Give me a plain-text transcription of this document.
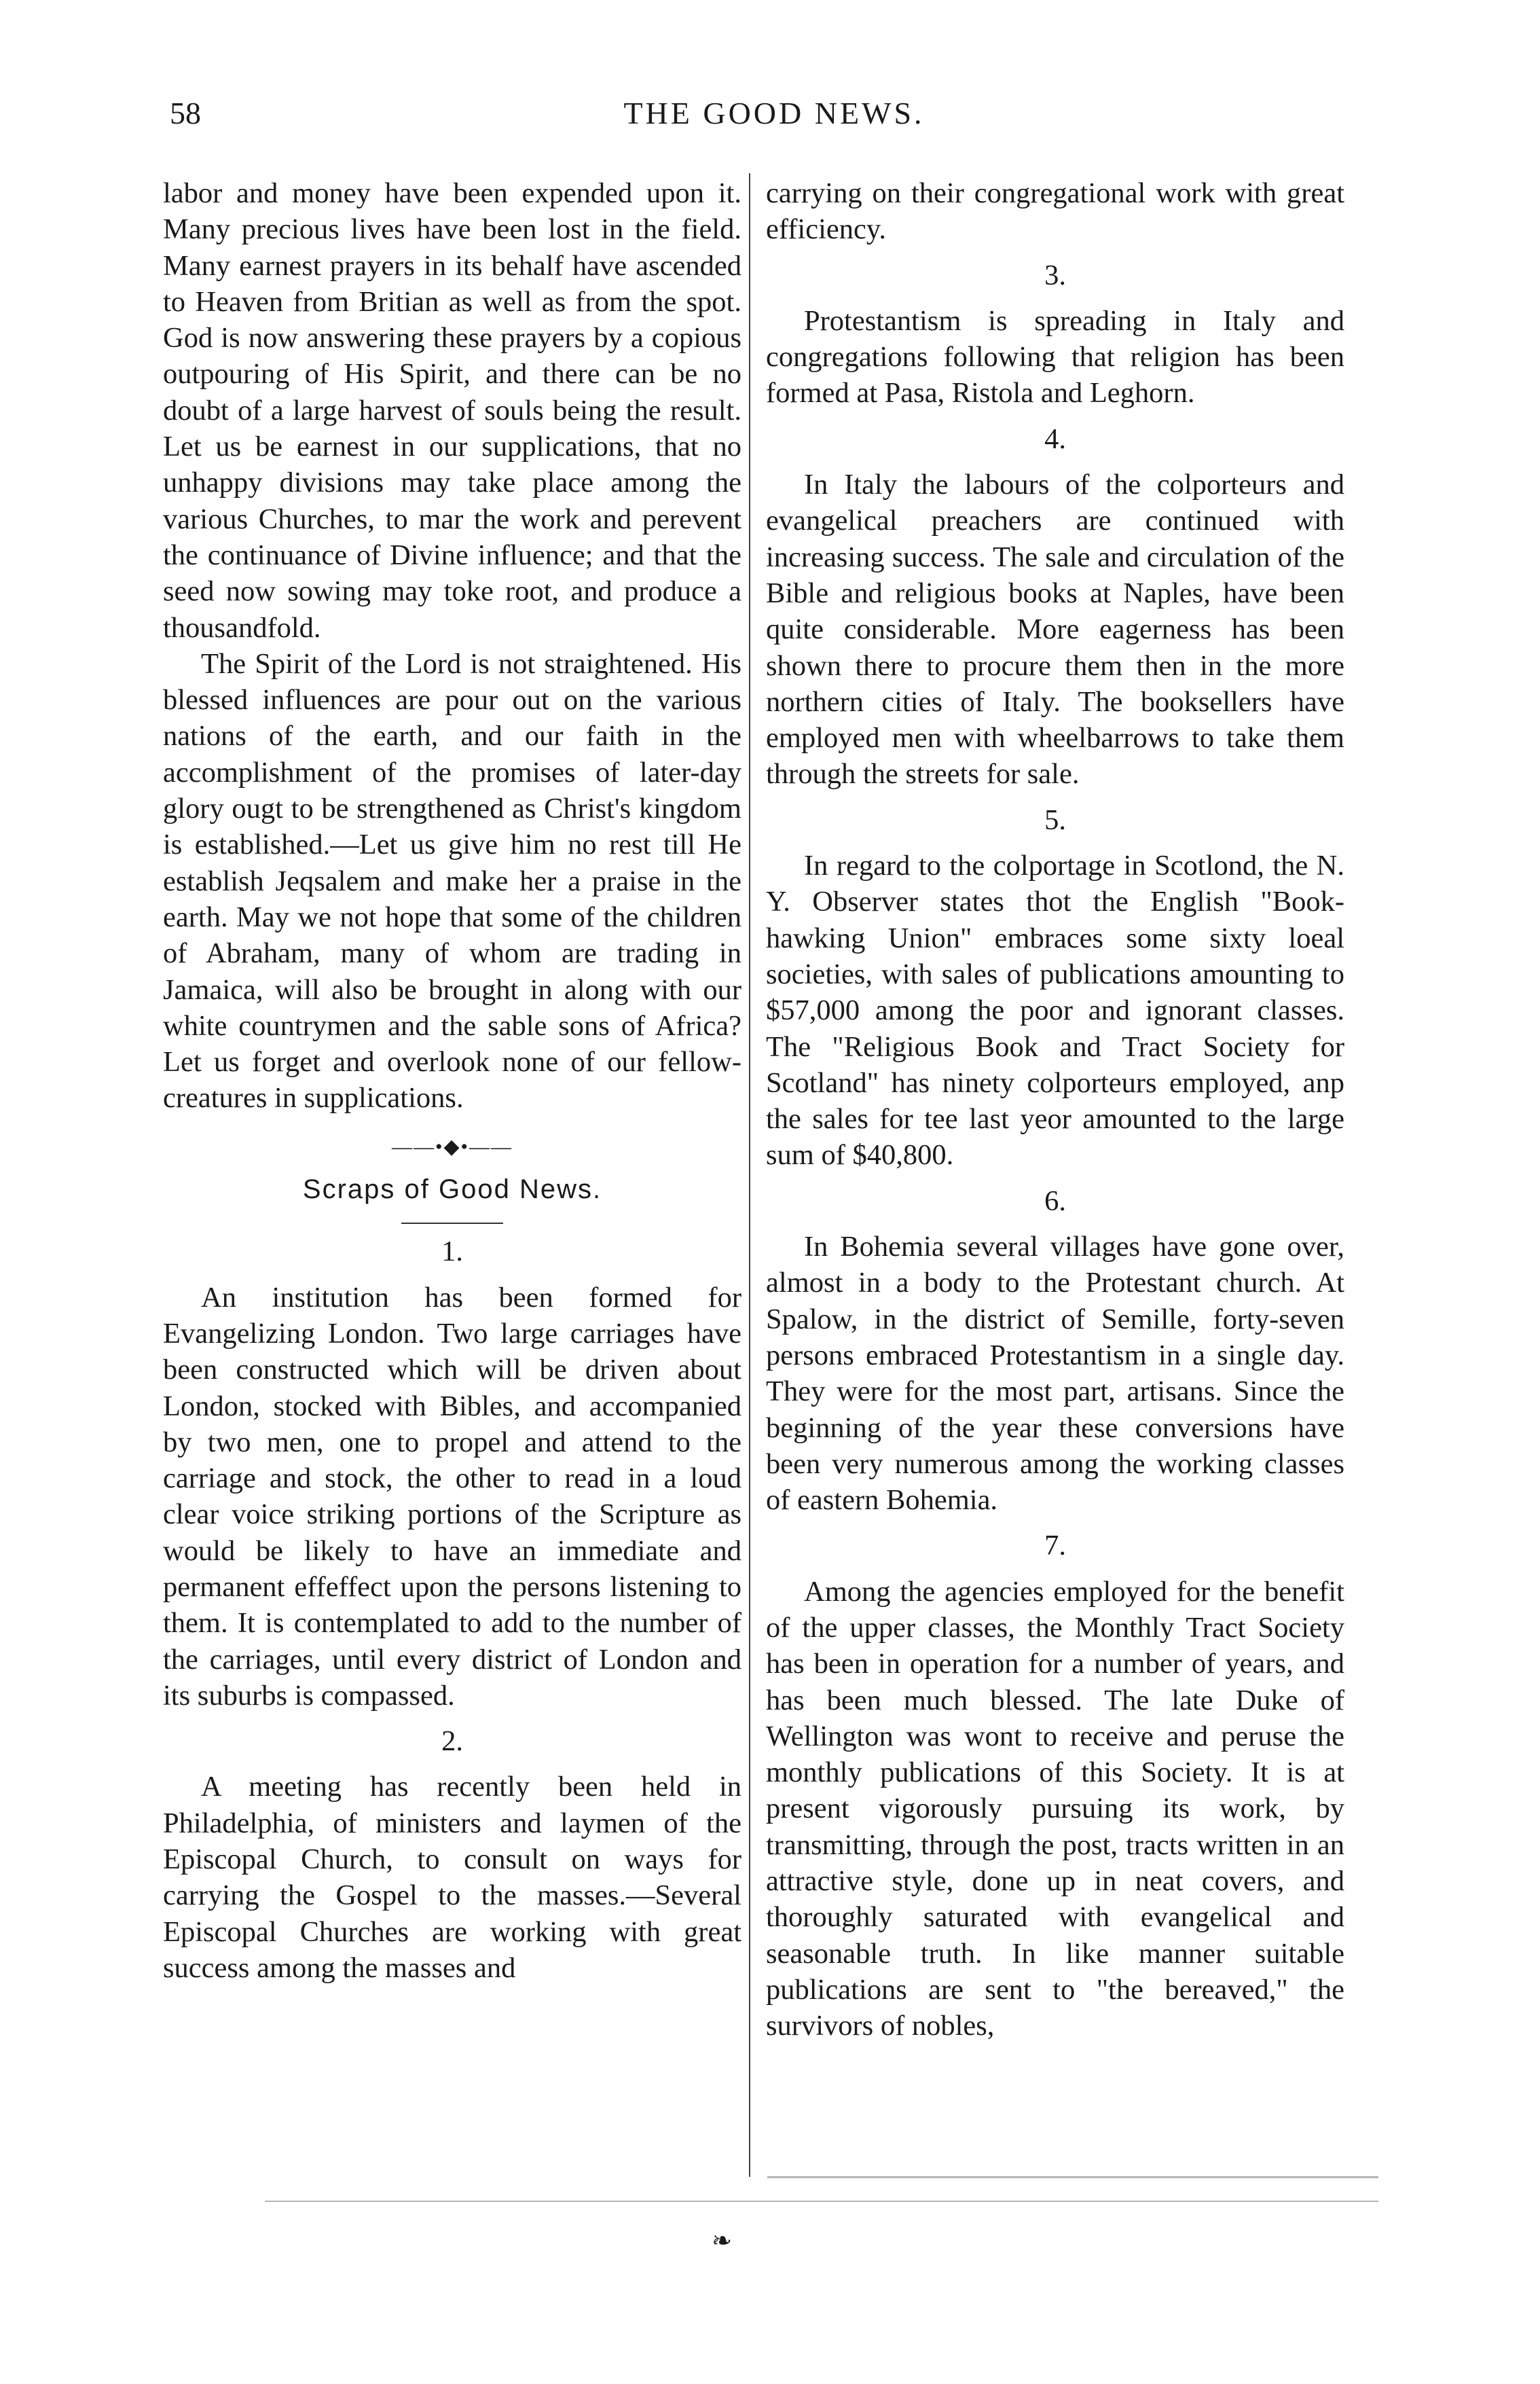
58	THE GOOD NEWS.

labor and money have been expended upon it. Many precious lives have been lost in the field. Many earnest prayers in its behalf have ascended to Heaven from Britian as well as from the spot. God is now answering these prayers by a copious outpouring of His Spirit, and there can be no doubt of a large harvest of souls being the result. Let us be earnest in our supplications, that no unhappy divisions may take place among the various Churches, to mar the work and perevent the continuance of Divine influence; and that the seed now sowing may toke root, and produce a thousandfold.

The Spirit of the Lord is not straightened. His blessed influences are pour out on the various nations of the earth, and our faith in the accomplishment of the promises of later-day glory ougt to be strengthened as Christ's kingdom is established.—Let us give him no rest till He establish Jeqsalem and make her a praise in the earth. May we not hope that some of the children of Abraham, many of whom are trading in Jamaica, will also be brought in along with our white countrymen and the sable sons of Africa? Let us forget and overlook none of our fellow-creatures in supplications.

——•◆•——
Scraps of Good News.
1.

An institution has been formed for Evangelizing London. Two large carriages have been constructed which will be driven about London, stocked with Bibles, and accompanied by two men, one to propel and attend to the carriage and stock, the other to read in a loud clear voice striking portions of the Scripture as would be likely to have an immediate and permanent effeffect upon the persons listening to them. It is contemplated to add to the number of the carriages, until every district of London and its suburbs is compassed.

2.

A meeting has recently been held in Philadelphia, of ministers and laymen of the Episcopal Church, to consult on ways for carrying the Gospel to the masses.—Several Episcopal Churches are working with great success among the masses and

carrying on their congregational work with great efficiency.

3.

Protestantism is spreading in Italy and congregations following that religion has been formed at Pasa, Ristola and Leghorn.

4.

In Italy the labours of the colporteurs and evangelical preachers are continued with increasing success. The sale and circulation of the Bible and religious books at Naples, have been quite considerable. More eagerness has been shown there to procure them then in the more northern cities of Italy. The booksellers have employed men with wheelbarrows to take them through the streets for sale.

5.

In regard to the colportage in Scotlond, the N. Y. Observer states thot the English "Book-hawking Union" embraces some sixty loeal societies, with sales of publications amounting to $57,000 among the poor and ignorant classes. The "Religious Book and Tract Society for Scotland" has ninety colporteurs employed, anp the sales for tee last yeor amounted to the large sum of $40,800.

6.

In Bohemia several villages have gone over, almost in a body to the Protestant church. At Spalow, in the district of Semille, forty-seven persons embraced Protestantism in a single day. They were for the most part, artisans. Since the beginning of the year these conversions have been very numerous among the working classes of eastern Bohemia.

7.

Among the agencies employed for the benefit of the upper classes, the Monthly Tract Society has been in operation for a number of years, and has been much blessed. The late Duke of Wellington was wont to receive and peruse the monthly publications of this Society. It is at present vigorously pursuing its work, by transmitting, through the post, tracts written in an attractive style, done up in neat covers, and thoroughly saturated with evangelical and seasonable truth. In like manner suitable publications are sent to "the bereaved," the survivors of nobles,

❧
